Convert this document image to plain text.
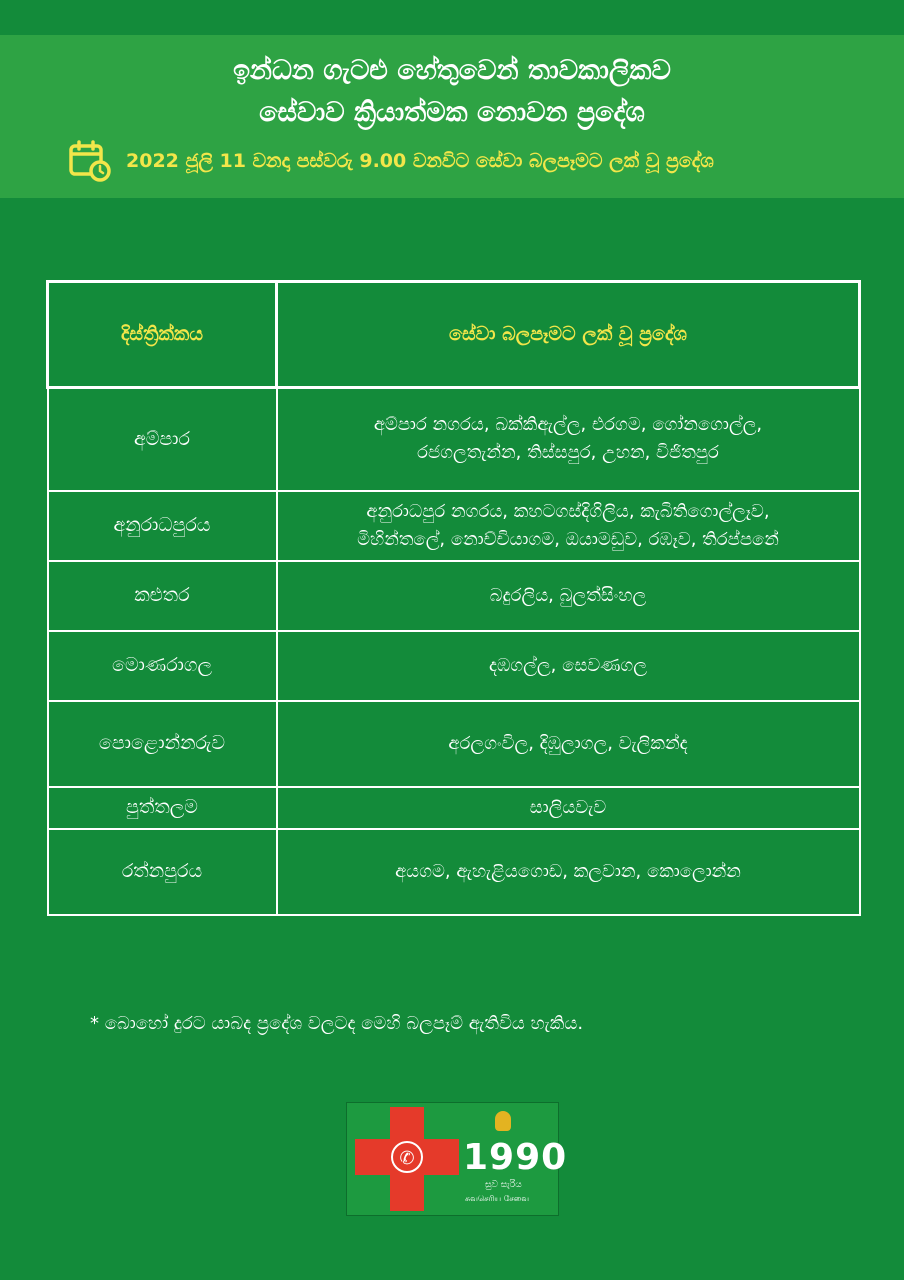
ඉන්ධන ගැටළු හේතුවෙන් තාවකාලිකව
සේවාව ක්‍රියාත්මක නොවන ප්‍රදේශ
2022 ජූලි 11 වනදා පස්වරු 9.00 වනවිට සේවා බලපෑමට ලක් වූ ප්‍රදේශ
දිස්ත්‍රික්කය	සේවා බලපෑමට ලක් වූ ප්‍රදේශ
අම්පාර	අම්පාර නගරය, බක්කිඇල්ල, එරගම, ගෝනගොල්ල,
රජගලතැන්න, තිස්සපුර, උහන, විජිතපුර

අනුරාධපුරය	අනුරාධපුර නගරය, කහටගස්දිගිලිය, කැබිතිගොල්ලෑව,
මිහින්තලේ, නොච්චියාගම, ඔයාමඩුව, රඹෑව, තිරප්පනේ

කළුතර	බදුරලිය, බුලත්සිංහල
මොණරාගල	දඹගල්ල, සෙවණගල
පොළොන්නරුව	අරලගංවිල, දිඹුලාගල, වැලිකන්ද
පුත්තලම	සාලියවැව
රත්නපුරය	අයගම, ඇහැළියගොඩ, කලවාන, කොලොන්න
* බොහෝ දුරට යාබද ප්‍රදේශ වලටද මෙහි බලපෑම් ඇතිවිය හැකිය.
✆ 1990
සුව සැරිය
சுவசெரிய சேவை
